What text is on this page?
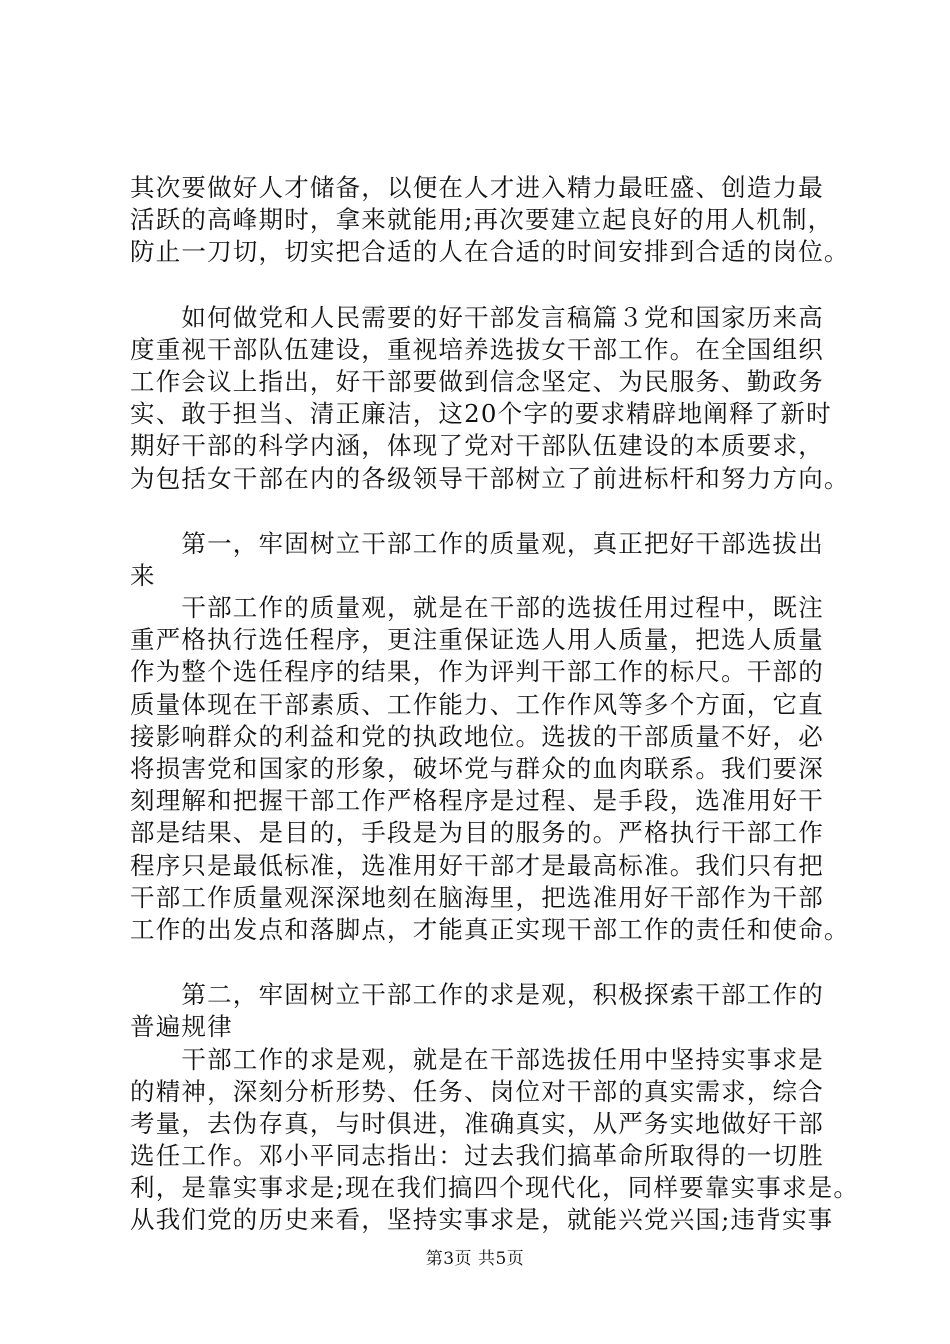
其次要做好人才储备，以便在人才进入精力最旺盛、创造力最
活跃的高峰期时，拿来就能用;再次要建立起良好的用人机制，
防止一刀切，切实把合适的人在合适的时间安排到合适的岗位。
　　如何做党和人民需要的好干部发言稿篇３党和国家历来高
度重视干部队伍建设，重视培养选拔女干部工作。在全国组织
工作会议上指出，好干部要做到信念坚定、为民服务、勤政务
实、敢于担当、清正廉洁，这20个字的要求精辟地阐释了新时
期好干部的科学内涵，体现了党对干部队伍建设的本质要求，
为包括女干部在内的各级领导干部树立了前进标杆和努力方向。
　　第一，牢固树立干部工作的质量观，真正把好干部选拔出
来
　　干部工作的质量观，就是在干部的选拔任用过程中，既注
重严格执行选任程序，更注重保证选人用人质量，把选人质量
作为整个选任程序的结果，作为评判干部工作的标尺。干部的
质量体现在干部素质、工作能力、工作作风等多个方面，它直
接影响群众的利益和党的执政地位。选拔的干部质量不好，必
将损害党和国家的形象，破坏党与群众的血肉联系。我们要深
刻理解和把握干部工作严格程序是过程、是手段，选准用好干
部是结果、是目的，手段是为目的服务的。严格执行干部工作
程序只是最低标准，选准用好干部才是最高标准。我们只有把
干部工作质量观深深地刻在脑海里，把选准用好干部作为干部
工作的出发点和落脚点，才能真正实现干部工作的责任和使命。
　　第二，牢固树立干部工作的求是观，积极探索干部工作的
普遍规律
　　干部工作的求是观，就是在干部选拔任用中坚持实事求是
的精神，深刻分析形势、任务、岗位对干部的真实需求，综合
考量，去伪存真，与时俱进，准确真实，从严务实地做好干部
选任工作。邓小平同志指出：过去我们搞革命所取得的一切胜
利，是靠实事求是;现在我们搞四个现代化，同样要靠实事求是。
从我们党的历史来看，坚持实事求是，就能兴党兴国;违背实事
第3页 共5页
